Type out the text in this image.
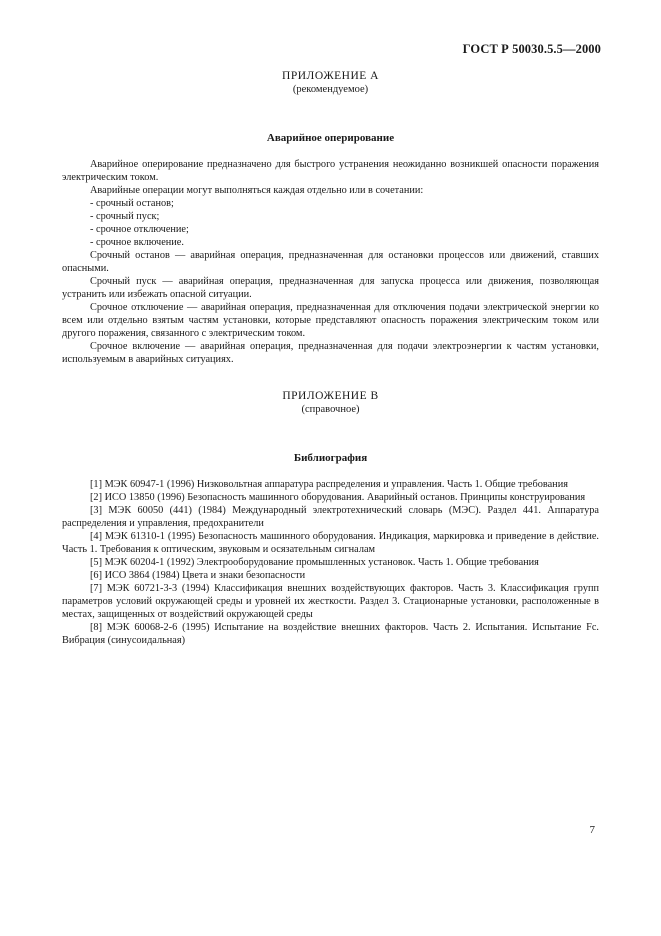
ГОСТ Р 50030.5.5—2000
ПРИЛОЖЕНИЕ А
(рекомендуемое)
Аварийное оперирование

Аварийное оперирование предназначено для быстрого устранения неожиданно возникшей опасности поражения электрическим током.

Аварийные операции могут выполняться каждая отдельно или в сочетании:

- срочный останов;

- срочный пуск;

- срочное отключение;

- срочное включение.

Срочный останов — аварийная операция, предназначенная для остановки процессов или движений, ставших опасными.

Срочный пуск — аварийная операция, предназначенная для запуска процесса или движения, позволяющая устранить или избежать опасной ситуации.

Срочное отключение — аварийная операция, предназначенная для отключения подачи электрической энергии ко всем или отдельно взятым частям установки, которые представляют опасность поражения электрическим током или другого поражения, связанного с электрическим током.

Срочное включение — аварийная операция, предназначенная для подачи электроэнергии к частям установки, используемым в аварийных ситуациях.

ПРИЛОЖЕНИЕ В
(справочное)
Библиография

[1] МЭК 60947-1 (1996) Низковольтная аппаратура распределения и управления. Часть 1. Общие требования

[2] ИСО 13850 (1996) Безопасность машинного оборудования. Аварийный останов. Принципы конструирования

[3] МЭК 60050 (441) (1984) Международный электротехнический словарь (МЭС). Раздел 441. Аппаратура распределения и управления, предохранители

[4] МЭК 61310-1 (1995) Безопасность машинного оборудования. Индикация, маркировка и приведение в действие. Часть 1. Требования к оптическим, звуковым и осязательным сигналам

[5] МЭК 60204-1 (1992) Электрооборудование промышленных установок. Часть 1. Общие требования

[6] ИСО 3864 (1984) Цвета и знаки безопасности

[7] МЭК 60721-3-3 (1994) Классификация внешних воздействующих факторов. Часть 3. Классификация групп параметров условий окружающей среды и уровней их жесткости. Раздел 3. Стационарные установки, расположенные в местах, защищенных от воздействий окружающей среды

[8] МЭК 60068-2-6 (1995) Испытание на воздействие внешних факторов. Часть 2. Испытания. Испытание Fc. Вибрация (синусоидальная)

7
